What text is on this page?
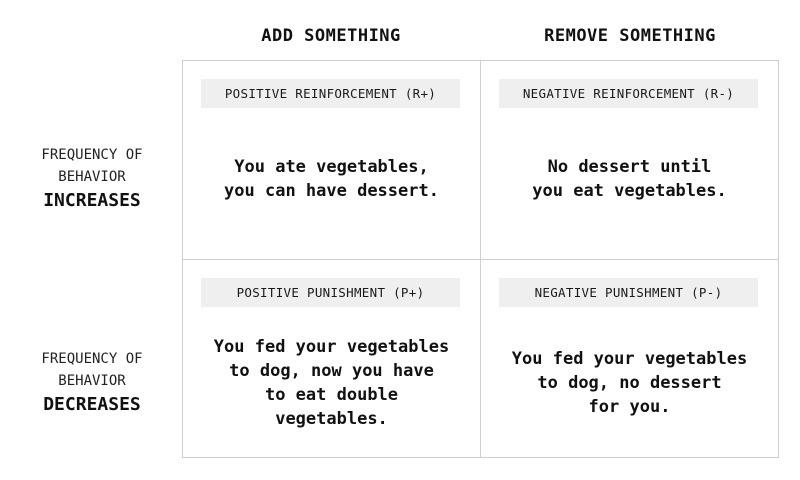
ADD SOMETHING	REMOVE SOMETHING
FREQUENCY OF
BEHAVIOR
INCREASES
FREQUENCY OF
BEHAVIOR
DECREASES
POSITIVE REINFORCEMENT (R+)
You ate vegetables,
you can have dessert.
NEGATIVE REINFORCEMENT (R-)
No dessert until
you eat vegetables.
POSITIVE PUNISHMENT (P+)
You fed your vegetables
to dog, now you have
to eat double
vegetables.
NEGATIVE PUNISHMENT (P-)
You fed your vegetables
to dog, no dessert
for you.
